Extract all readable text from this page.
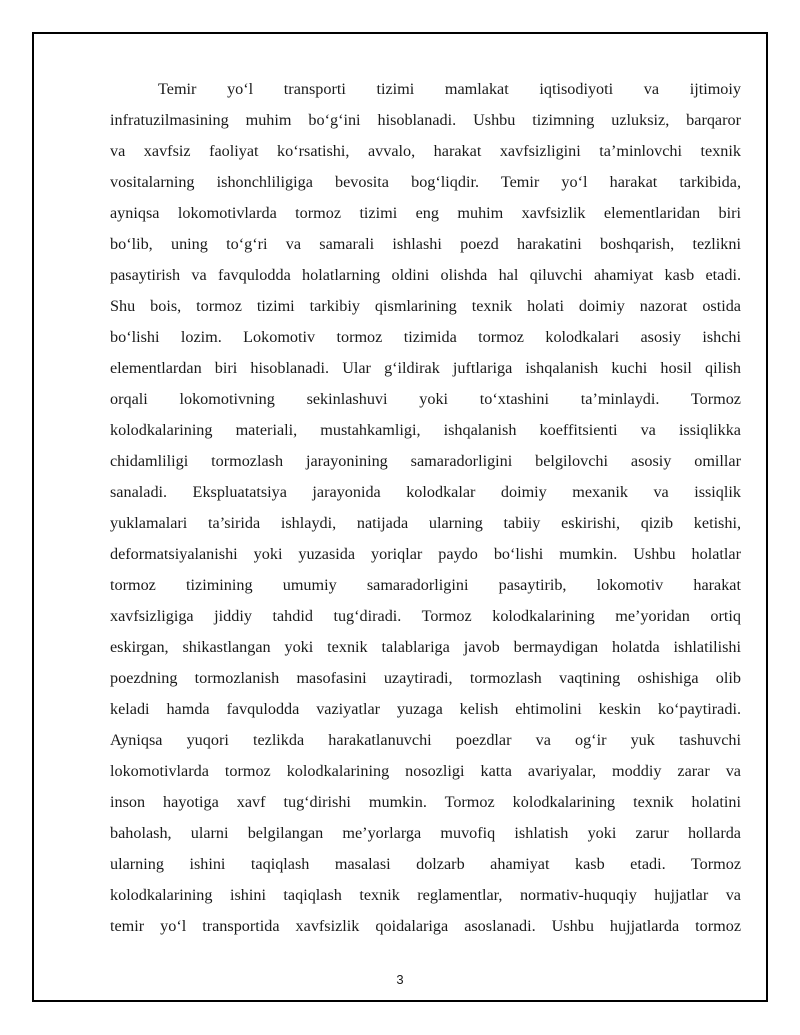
Temir yo‘l transporti tizimi mamlakat iqtisodiyoti va ijtimoiy
infratuzilmasining muhim bo‘g‘ini hisoblanadi. Ushbu tizimning uzluksiz, barqaror
va xavfsiz faoliyat ko‘rsatishi, avvalo, harakat xavfsizligini ta’minlovchi texnik
vositalarning ishonchliligiga bevosita bog‘liqdir. Temir yo‘l harakat tarkibida,
ayniqsa lokomotivlarda tormoz tizimi eng muhim xavfsizlik elementlaridan biri
bo‘lib, uning to‘g‘ri va samarali ishlashi poezd harakatini boshqarish, tezlikni
pasaytirish va favqulodda holatlarning oldini olishda hal qiluvchi ahamiyat kasb etadi.
Shu bois, tormoz tizimi tarkibiy qismlarining texnik holati doimiy nazorat ostida
bo‘lishi lozim. Lokomotiv tormoz tizimida tormoz kolodkalari asosiy ishchi
elementlardan biri hisoblanadi. Ular g‘ildirak juftlariga ishqalanish kuchi hosil qilish
orqali lokomotivning sekinlashuvi yoki to‘xtashini ta’minlaydi. Tormoz
kolodkalarining materiali, mustahkamligi, ishqalanish koeffitsienti va issiqlikka
chidamliligi tormozlash jarayonining samaradorligini belgilovchi asosiy omillar
sanaladi. Ekspluatatsiya jarayonida kolodkalar doimiy mexanik va issiqlik
yuklamalari ta’sirida ishlaydi, natijada ularning tabiiy eskirishi, qizib ketishi,
deformatsiyalanishi yoki yuzasida yoriqlar paydo bo‘lishi mumkin. Ushbu holatlar
tormoz tizimining umumiy samaradorligini pasaytirib, lokomotiv harakat
xavfsizligiga jiddiy tahdid tug‘diradi. Tormoz kolodkalarining me’yoridan ortiq
eskirgan, shikastlangan yoki texnik talablariga javob bermaydigan holatda ishlatilishi
poezdning tormozlanish masofasini uzaytiradi, tormozlash vaqtining oshishiga olib
keladi hamda favqulodda vaziyatlar yuzaga kelish ehtimolini keskin ko‘paytiradi.
Ayniqsa yuqori tezlikda harakatlanuvchi poezdlar va og‘ir yuk tashuvchi
lokomotivlarda tormoz kolodkalarining nosozligi katta avariyalar, moddiy zarar va
inson hayotiga xavf tug‘dirishi mumkin. Tormoz kolodkalarining texnik holatini
baholash, ularni belgilangan me’yorlarga muvofiq ishlatish yoki zarur hollarda
ularning ishini taqiqlash masalasi dolzarb ahamiyat kasb etadi. Tormoz
kolodkalarining ishini taqiqlash texnik reglamentlar, normativ-huquqiy hujjatlar va
temir yo‘l transportida xavfsizlik qoidalariga asoslanadi. Ushbu hujjatlarda tormoz
3
